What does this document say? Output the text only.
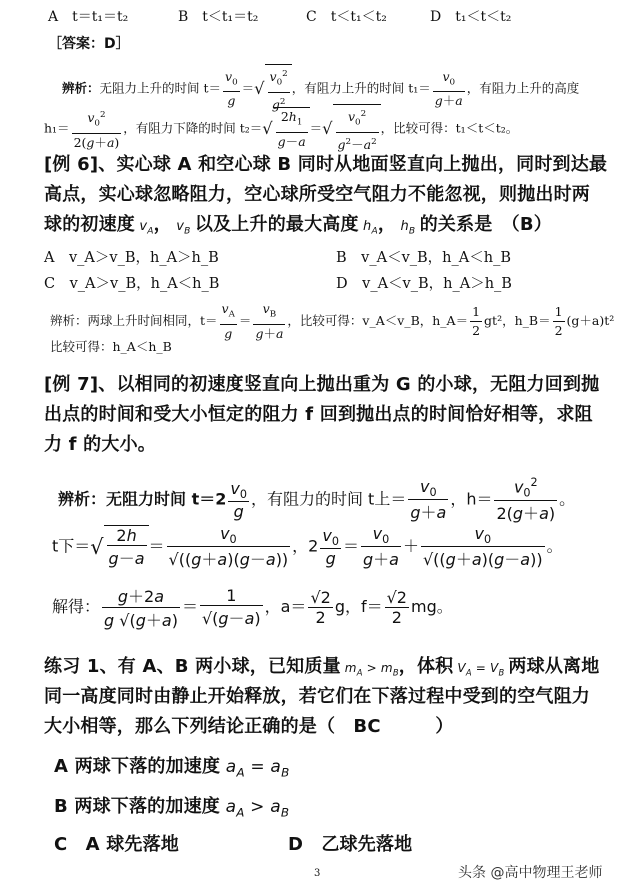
A　t＝t₁＝t₂	B　t＜t₁＝t₂	C　t＜t₁＜t₂	D　t₁＜t＜t₂
［答案：D］
辨析：无阻力上升的时间 $t= \frac{v_0}{g}$ ＝√ $\frac{v_0^2}{g^2}$ ，有阻力上升的时间 $t_1= \frac{v_0}{g+a}$ ，有阻力上升的高度
$h_1= \frac{v_0^2}{2(g+a)}$ ，有阻力下降的时间 $t_2=√ \frac{2h_1}{g-a}$ ＝√ $\frac{v_0^2}{g^2-a^2}$ ，比较可得：t₁＜t＜t₂。
[例 6]、实心球 A 和空心球 B 同时从地面竖直向上抛出，同时到达最
高点，实心球忽略阻力，空心球所受空气阻力不能忽视，则抛出时两
球的初速度 $v_A$， $v_B$ 以及上升的最大高度 $h_A$， $h_B$ 的关系是　（B）
A　v_A＞v_B，h_A＞h_B	B　v_A＜v_B，h_A＜h_B
C　v_A＞v_B，h_A＜h_B	D　v_A＜v_B，h_A＞h_B
辨析：两球上升时间相同，$t= \frac{v_A}{g} = \frac{v_B}{g+a}$ ，比较可得：v_A＜v_B，h_A＝ $\frac{1}{2} gt^2$，h_B＝ $\frac{1}{2} (g+a)t^2$
比较可得：h_A＜h_B
[例 7]、以相同的初速度竖直向上抛出重为 G 的小球，无阻力回到抛
出点的时间和受大小恒定的阻力 f 回到抛出点的时间恰好相等，求阻
力 f 的大小。
辨析：无阻力时间 $t=2 \frac{v_0}{g}$ ，有阻力的时间 t上＝ $\frac{v_0}{g+a}$ ，$h= \frac{v_0^2}{2(g+a)}$ 。
t下＝√ $\frac{2h}{g-a} = \frac{v_0}{√((g+a)(g-a))}$ ，$2 \frac{v_0}{g} = \frac{v_0}{g+a} + \frac{v_0}{√((g+a)(g-a))}$ 。
解得： $\frac{g+2a}{g √(g+a)} = \frac{1}{√(g-a)}$ ，$a= \frac{√2}{2}$ g，$f= \frac{√2}{2}$ mg。
练习 1、有 A、B 两小球，已知质量 $m_A > m_B$，体积 $V_A = V_B$ 两球从离地
同一高度同时由静止开始释放，若它们在下落过程中受到的空气阻力
大小相等，那么下列结论正确的是（　BC　　　）
A 两球下落的加速度 $a_A = a_B$
B 两球下落的加速度 $a_A > a_B$
C　A 球先落地	D　乙球先落地
3	头条 @高中物理王老师
